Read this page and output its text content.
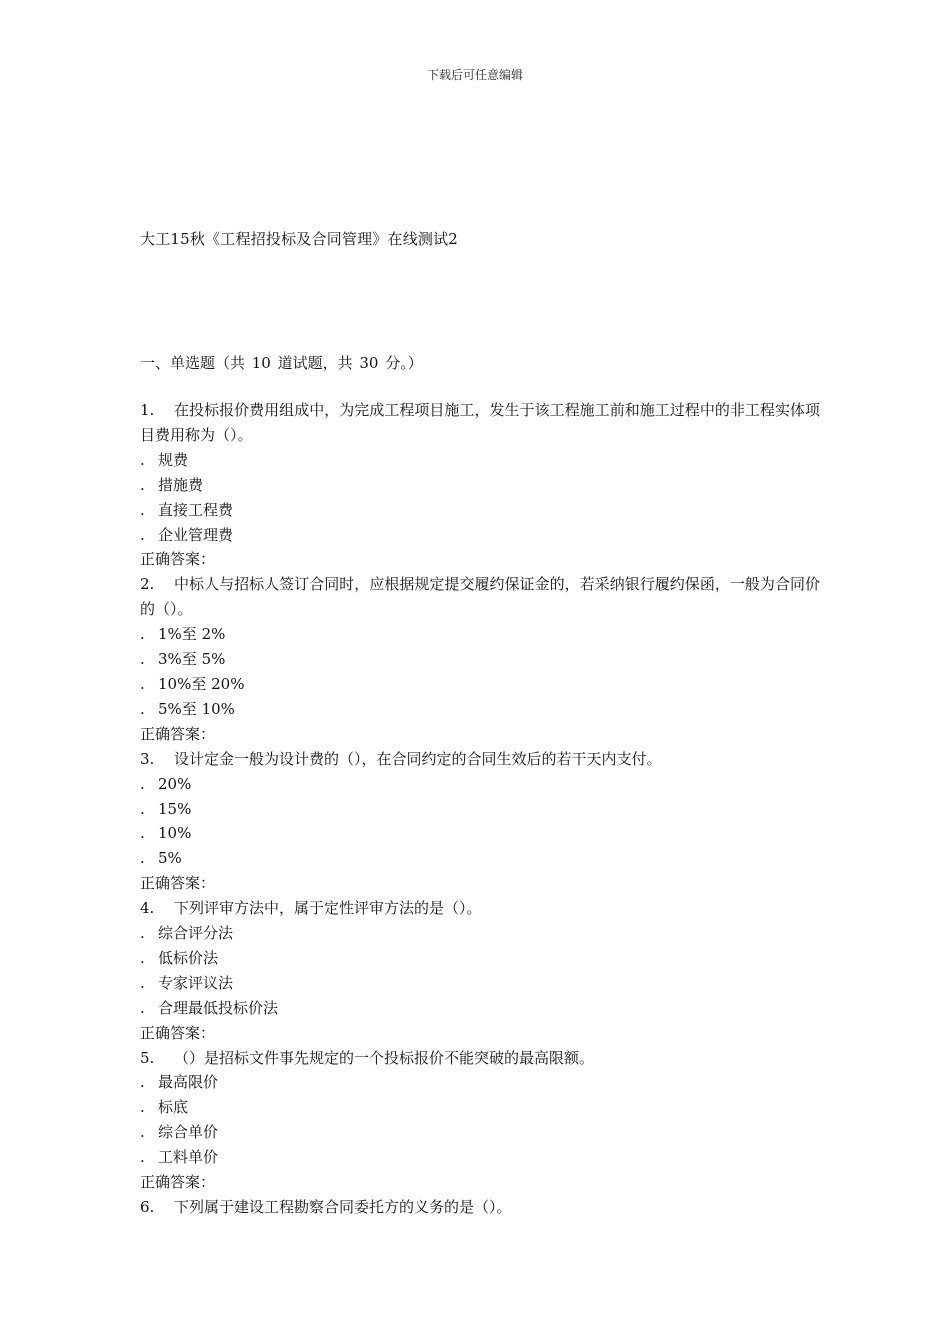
下载后可任意编辑
大工15秋《工程招投标及合同管理》在线测试2
一、单选题（共 10 道试题，共 30 分。）
1. 在投标报价费用组成中，为完成工程项目施工，发生于该工程施工前和施工过程中的非工程实体项目费用称为（）。
. 规费
. 措施费
. 直接工程费
. 企业管理费
正确答案：
2. 中标人与招标人签订合同时，应根据规定提交履约保证金的，若采纳银行履约保函，一般为合同价的（）。
. 1%至 2%
. 3%至 5%
. 10%至 20%
. 5%至 10%
正确答案：
3. 设计定金一般为设计费的（），在合同约定的合同生效后的若干天内支付。
. 20%
. 15%
. 10%
. 5%
正确答案：
4. 下列评审方法中，属于定性评审方法的是（）。
. 综合评分法
. 低标价法
. 专家评议法
. 合理最低投标价法
正确答案：
5. （）是招标文件事先规定的一个投标报价不能突破的最高限额。
. 最高限价
. 标底
. 综合单价
. 工料单价
正确答案：
6. 下列属于建设工程勘察合同委托方的义务的是（）。
